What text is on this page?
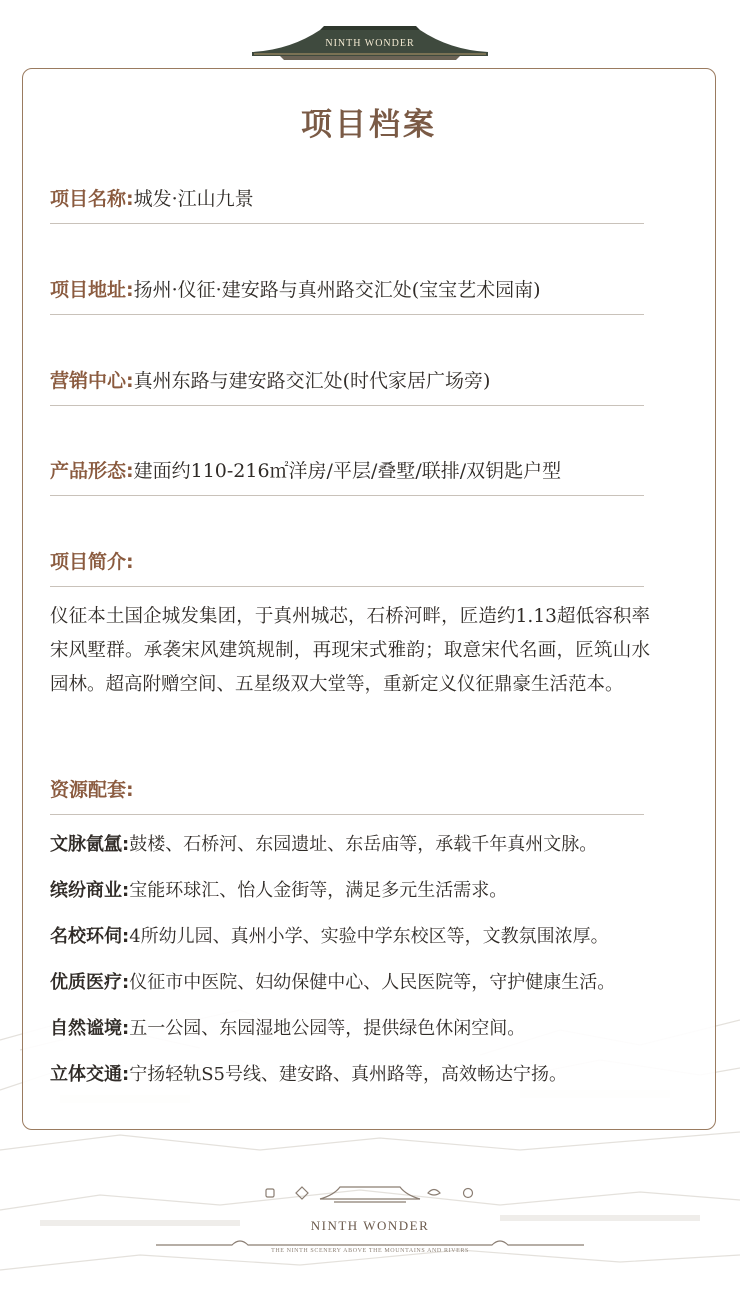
NINTH WONDER
项目档案
项目名称:城发·江山九景
项目地址:扬州·仪征·建安路与真州路交汇处(宝宝艺术园南)
营销中心:真州东路与建安路交汇处(时代家居广场旁)
产品形态:建面约110-216㎡洋房/平层/叠墅/联排/双钥匙户型
项目简介:
仪征本土国企城发集团，于真州城芯，石桥河畔，匠造约1.13超低容积率宋风墅群。承袭宋风建筑规制，再现宋式雅韵；取意宋代名画，匠筑山水园林。超高附赠空间、五星级双大堂等，重新定义仪征鼎豪生活范本。
资源配套:
文脉氤氲:鼓楼、石桥河、东园遗址、东岳庙等，承载千年真州文脉。
缤纷商业:宝能环球汇、怡人金街等，满足多元生活需求。
名校环伺:4所幼儿园、真州小学、实验中学东校区等，文教氛围浓厚。
优质医疗:仪征市中医院、妇幼保健中心、人民医院等，守护健康生活。
自然谧境:五一公园、东园湿地公园等，提供绿色休闲空间。
立体交通:宁扬轻轨S5号线、建安路、真州路等，高效畅达宁扬。
NINTH WONDER
THE NINTH SCENERY ABOVE THE MOUNTAINS AND RIVERS
